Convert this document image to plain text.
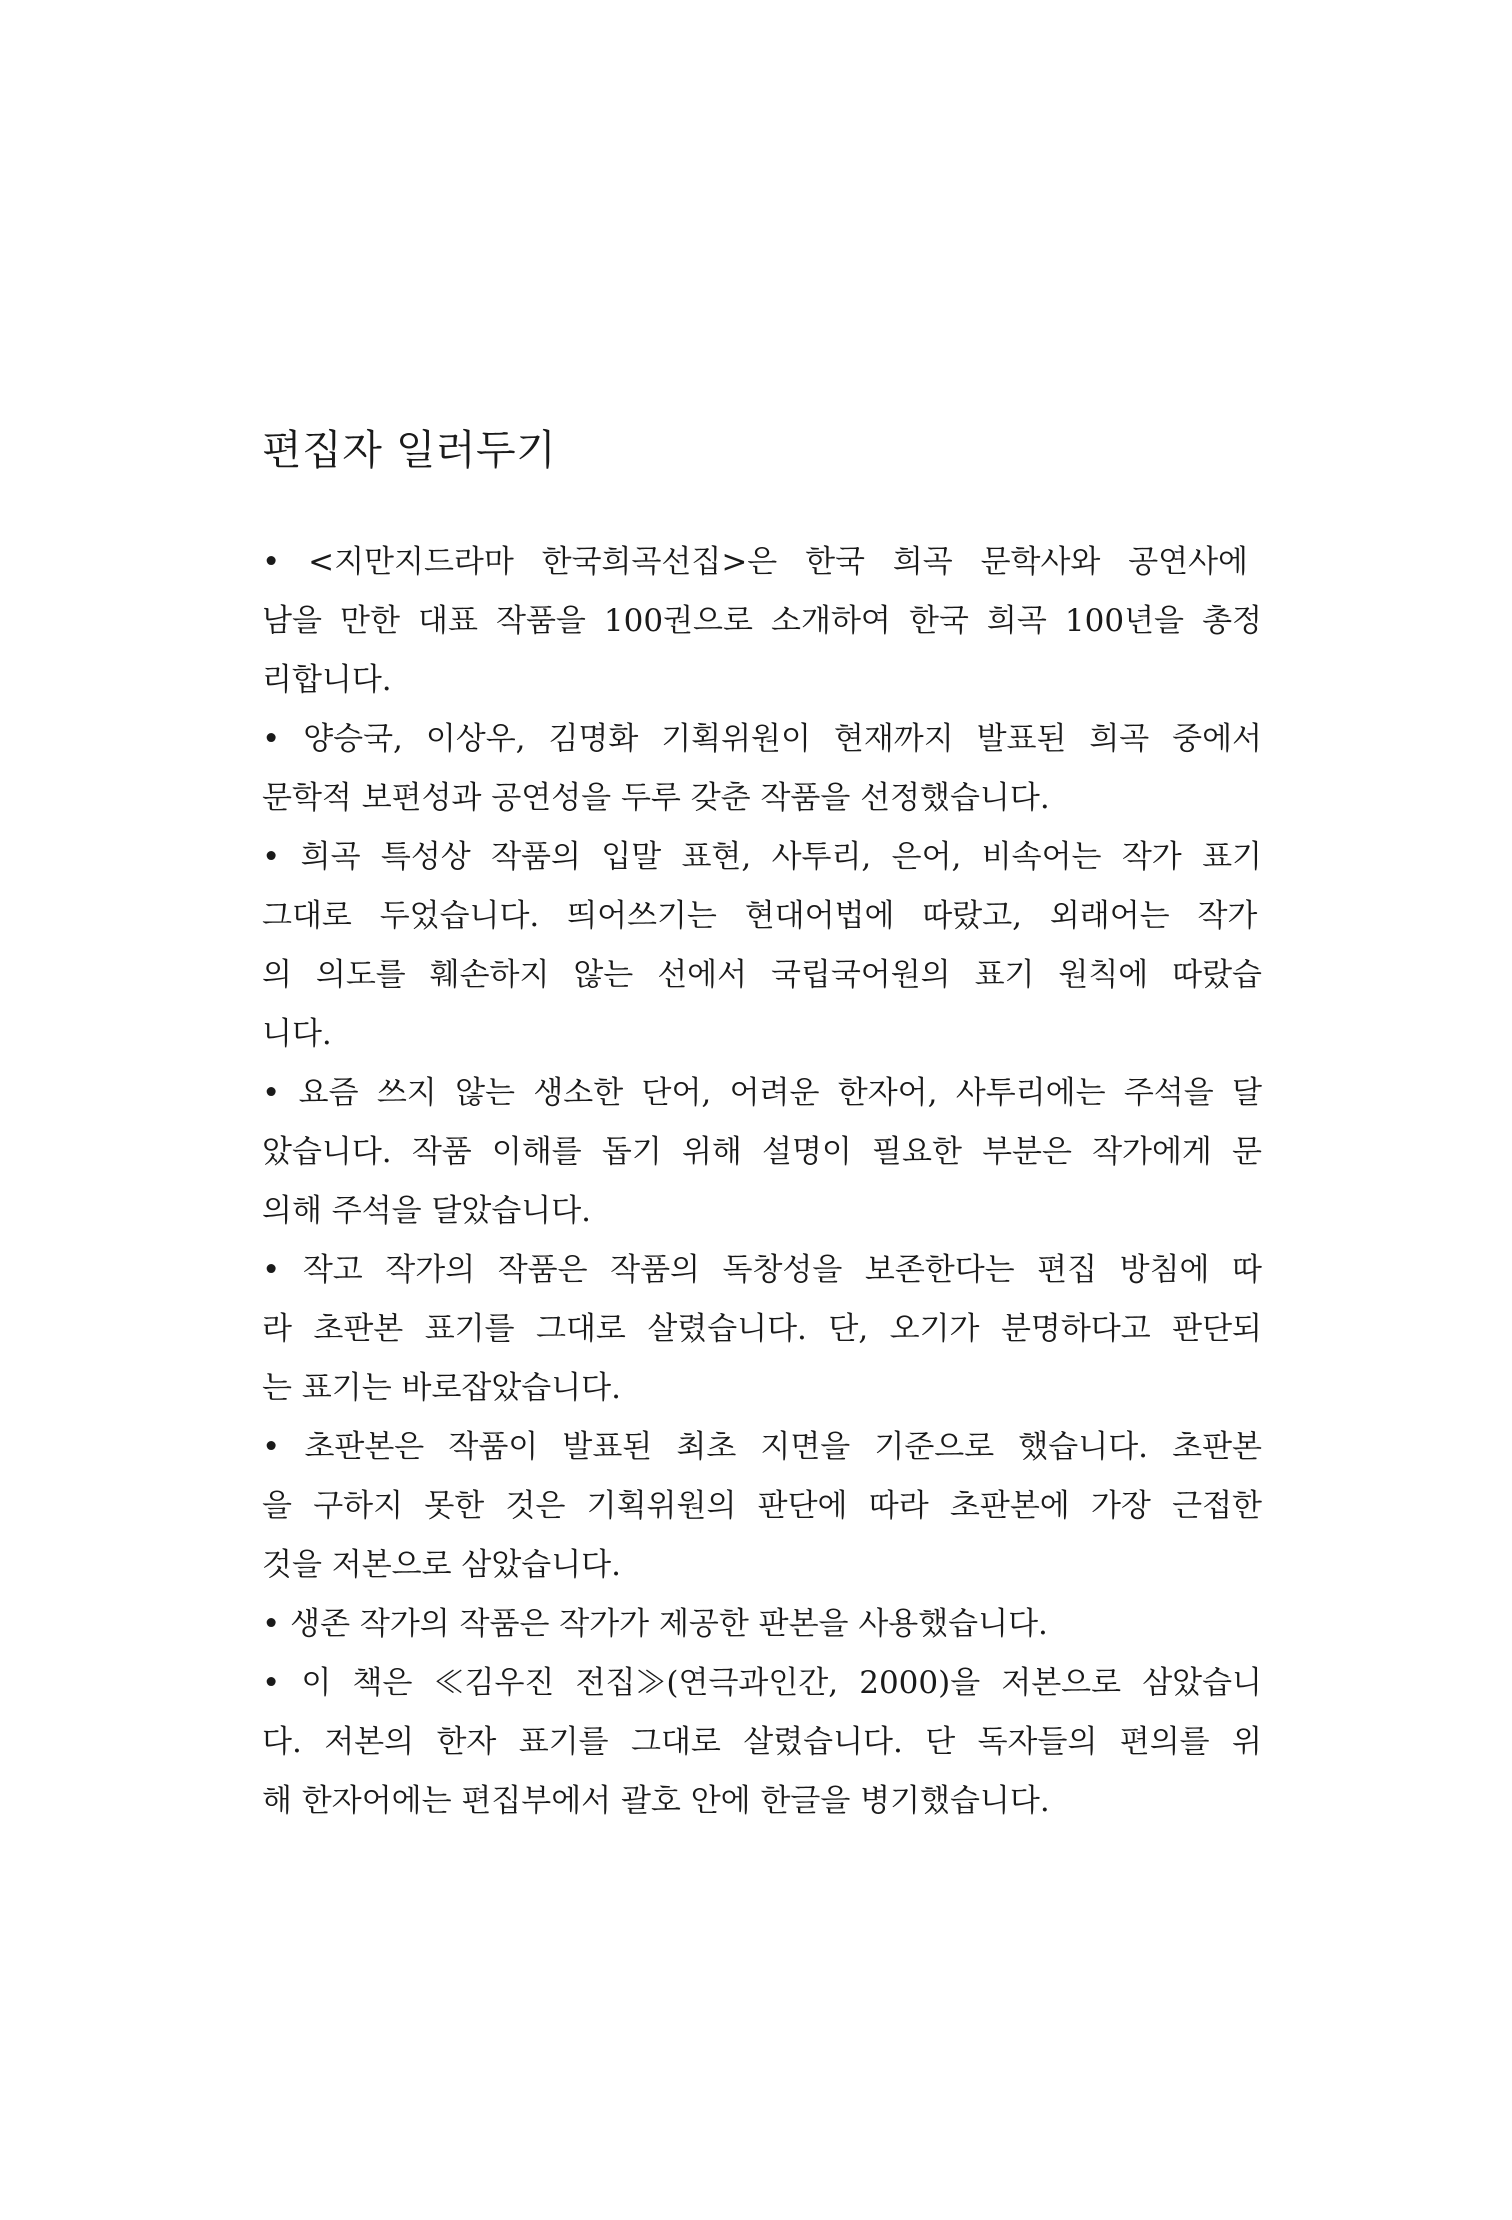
편집자 일러두기
• <지만지드라마 한국희곡선집>은 한국 희곡 문학사와 공연사에
남을 만한 대표 작품을 100권으로 소개하여 한국 희곡 100년을 총정
리합니다.
• 양승국, 이상우, 김명화 기획위원이 현재까지 발표된 희곡 중에서
문학적 보편성과 공연성을 두루 갖춘 작품을 선정했습니다.
• 희곡 특성상 작품의 입말 표현, 사투리, 은어, 비속어는 작가 표기
그대로 두었습니다. 띄어쓰기는 현대어법에 따랐고, 외래어는 작가
의 의도를 훼손하지 않는 선에서 국립국어원의 표기 원칙에 따랐습
니다.
• 요즘 쓰지 않는 생소한 단어, 어려운 한자어, 사투리에는 주석을 달
았습니다. 작품 이해를 돕기 위해 설명이 필요한 부분은 작가에게 문
의해 주석을 달았습니다.
• 작고 작가의 작품은 작품의 독창성을 보존한다는 편집 방침에 따
라 초판본 표기를 그대로 살렸습니다. 단, 오기가 분명하다고 판단되
는 표기는 바로잡았습니다.
• 초판본은 작품이 발표된 최초 지면을 기준으로 했습니다. 초판본
을 구하지 못한 것은 기획위원의 판단에 따라 초판본에 가장 근접한
것을 저본으로 삼았습니다.
• 생존 작가의 작품은 작가가 제공한 판본을 사용했습니다.
• 이 책은 ≪김우진 전집≫(연극과인간, 2000)을 저본으로 삼았습니
다. 저본의 한자 표기를 그대로 살렸습니다. 단 독자들의 편의를 위
해 한자어에는 편집부에서 괄호 안에 한글을 병기했습니다.
